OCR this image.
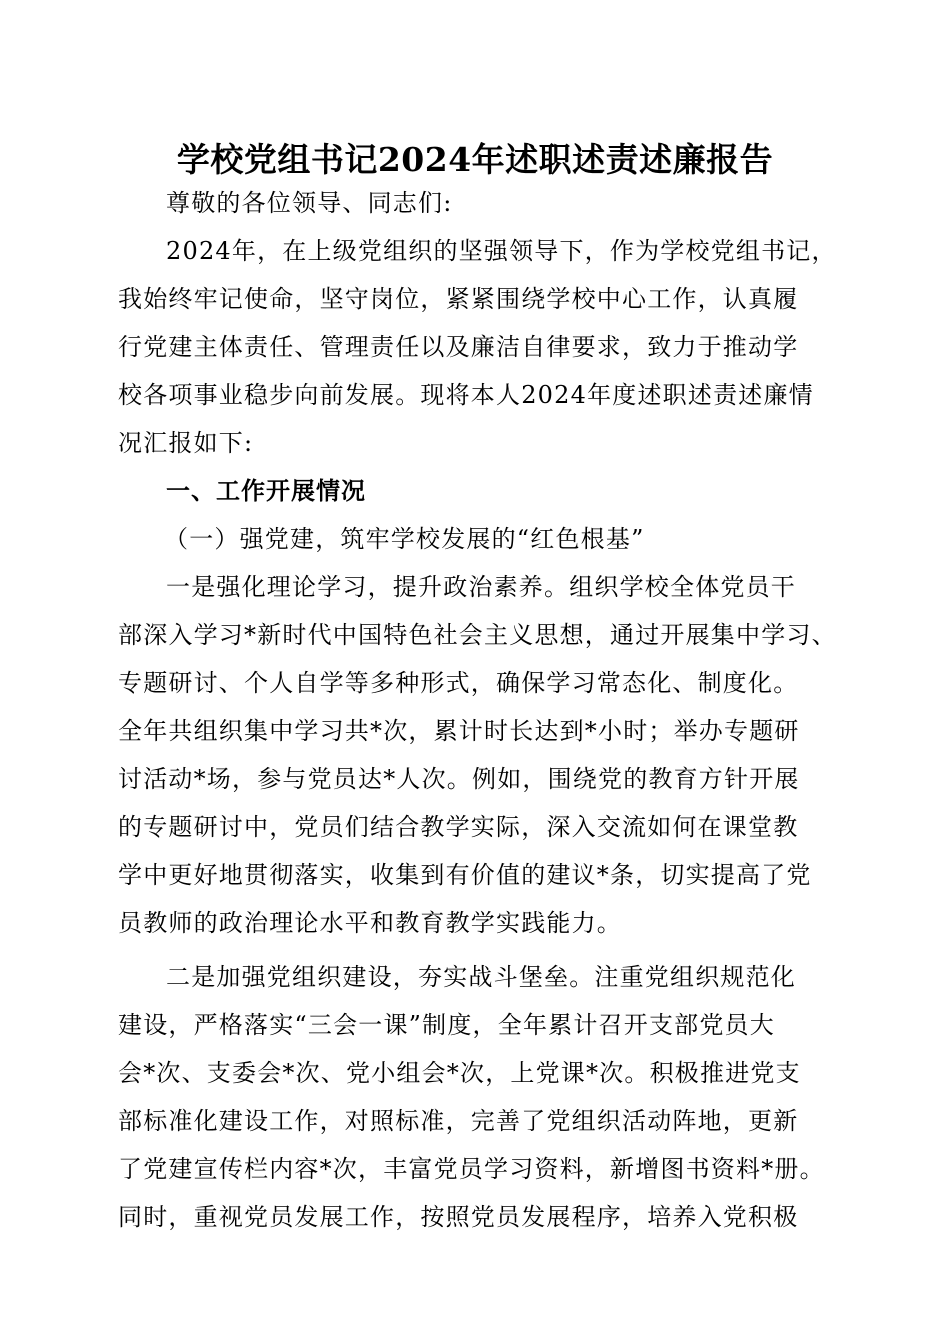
学校党组书记2024年述职述责述廉报告
尊敬的各位领导、同志们:
2024年，在上级党组织的坚强领导下，作为学校党组书记，
我始终牢记使命，坚守岗位，紧紧围绕学校中心工作，认真履
行党建主体责任、管理责任以及廉洁自律要求，致力于推动学
校各项事业稳步向前发展。现将本人2024年度述职述责述廉情
况汇报如下:
一、工作开展情况
（一）强党建，筑牢学校发展的“红色根基”
一是强化理论学习，提升政治素养。组织学校全体党员干
部深入学习*新时代中国特色社会主义思想，通过开展集中学习、
专题研讨、个人自学等多种形式，确保学习常态化、制度化。
全年共组织集中学习共*次，累计时长达到*小时；举办专题研
讨活动*场，参与党员达*人次。例如，围绕党的教育方针开展
的专题研讨中，党员们结合教学实际，深入交流如何在课堂教
学中更好地贯彻落实，收集到有价值的建议*条，切实提高了党
员教师的政治理论水平和教育教学实践能力。
二是加强党组织建设，夯实战斗堡垒。注重党组织规范化
建设，严格落实“三会一课”制度，全年累计召开支部党员大
会*次、支委会*次、党小组会*次，上党课*次。积极推进党支
部标准化建设工作，对照标准，完善了党组织活动阵地，更新
了党建宣传栏内容*次，丰富党员学习资料，新增图书资料*册。
同时，重视党员发展工作，按照党员发展程序，培养入党积极
